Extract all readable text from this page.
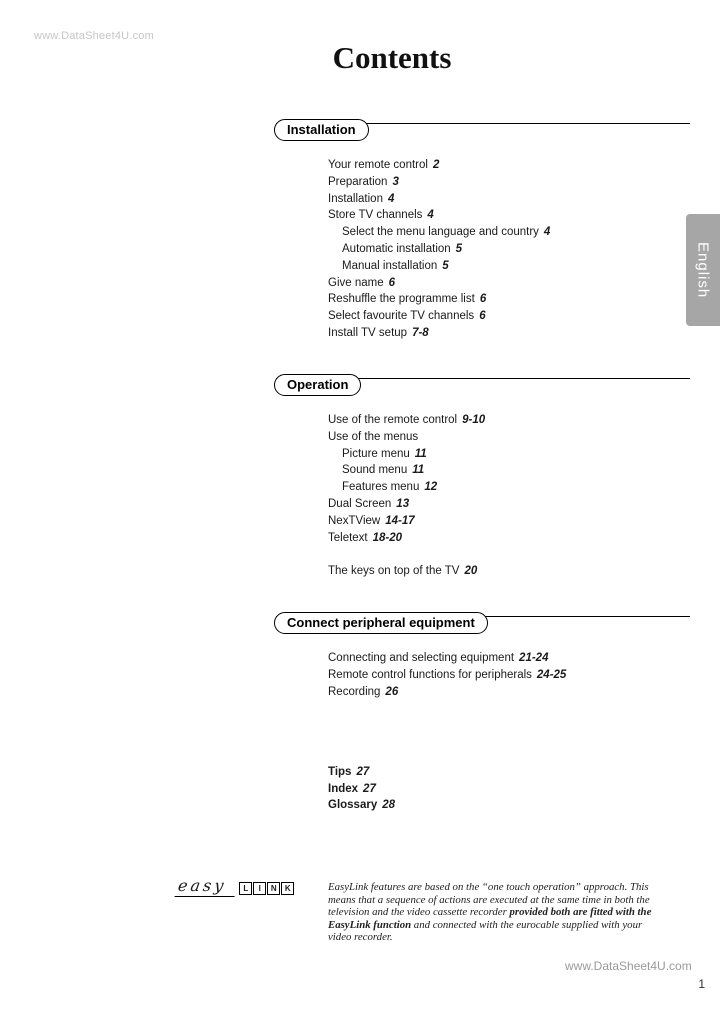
www.DataSheet4U.com
Contents
English
Installation
Your remote control 2
Preparation 3
Installation 4
Store TV channels 4
Select the menu language and country 4
Automatic installation 5
Manual installation 5
Give name 6
Reshuffle the programme list 6
Select favourite TV channels 6
Install TV setup 7-8
Operation
Use of the remote control 9-10
Use of the menus
Picture menu 11
Sound menu 11
Features menu 12
Dual Screen 13
NexTView 14-17
Teletext 18-20
The keys on top of the TV 20
Connect peripheral equipment
Connecting and selecting equipment 21-24
Remote control functions for peripherals 24-25
Recording 26
Tips 27
Index 27
Glossary 28
easy	L	I	N	K	EasyLink features are based on the “one touch operation” approach. This means that a sequence of actions are executed at the same time in both the television and the video cassette recorder provided both are fitted with the EasyLink function and connected with the eurocable supplied with your video recorder.
www.DataSheet4U.com
1
